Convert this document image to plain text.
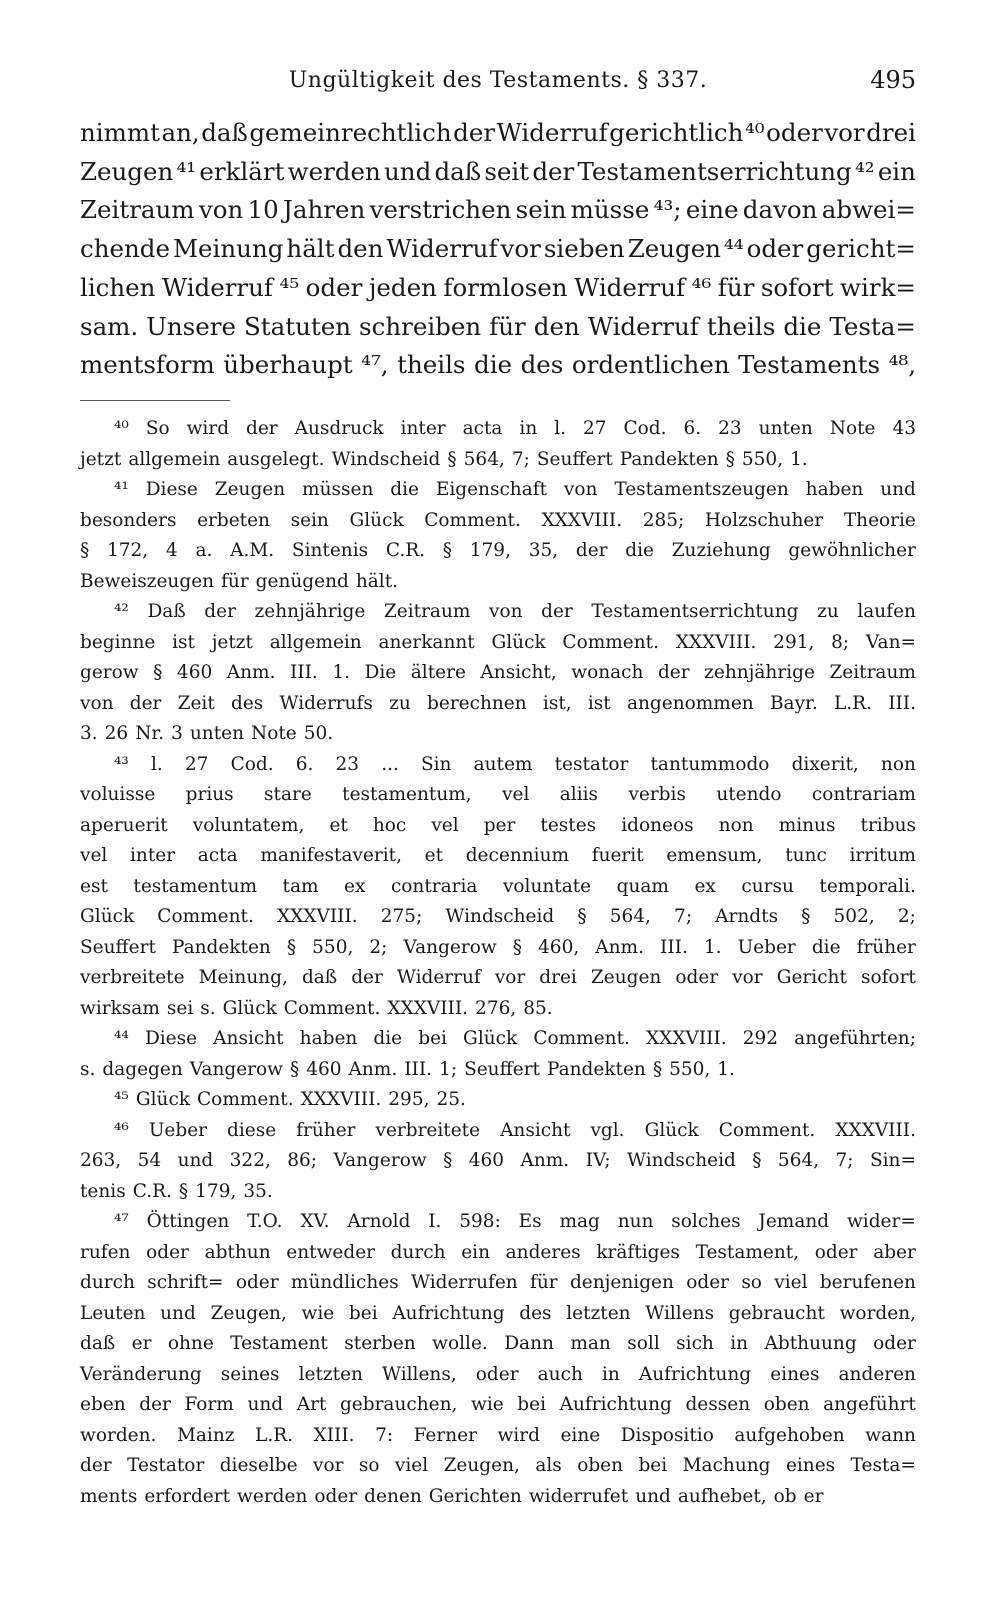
Ungültigkeit des Testaments. § 337.	495
nimmt an, daß gemeinrechtlich der Widerruf gerichtlich ⁴⁰ oder vor drei
Zeugen ⁴¹ erklärt werden und daß seit der Testamentserrichtung ⁴² ein
Zeitraum von 10 Jahren verstrichen sein müsse ⁴³; eine davon abwei=
chende Meinung hält den Widerruf vor sieben Zeugen ⁴⁴ oder gericht=
lichen Widerruf ⁴⁵ oder jeden formlosen Widerruf ⁴⁶ für sofort wirk=
sam. Unsere Statuten schreiben für den Widerruf theils die Testa=
mentsform überhaupt ⁴⁷, theils die des ordentlichen Testaments ⁴⁸,
⁴⁰ So wird der Ausdruck inter acta in l. 27 Cod. 6. 23 unten Note 43
jetzt allgemein ausgelegt. Windscheid § 564, 7; Seuffert Pandekten § 550, 1.
⁴¹ Diese Zeugen müssen die Eigenschaft von Testamentszeugen haben und
besonders erbeten sein Glück Comment. XXXVIII. 285; Holzschuher Theorie
§ 172, 4 a. A.M. Sintenis C.R. § 179, 35, der die Zuziehung gewöhnlicher
Beweiszeugen für genügend hält.
⁴² Daß der zehnjährige Zeitraum von der Testamentserrichtung zu laufen
beginne ist jetzt allgemein anerkannt Glück Comment. XXXVIII. 291, 8; Van=
gerow § 460 Anm. III. 1. Die ältere Ansicht, wonach der zehnjährige Zeitraum
von der Zeit des Widerrufs zu berechnen ist, ist angenommen Bayr. L.R. III.
3. 26 Nr. 3 unten Note 50.
⁴³ l. 27 Cod. 6. 23 ... Sin autem testator tantummodo dixerit, non
voluisse prius stare testamentum, vel aliis verbis utendo contrariam
aperuerit voluntatem, et hoc vel per testes idoneos non minus tribus
vel inter acta manifestaverit, et decennium fuerit emensum, tunc irritum
est testamentum tam ex contraria voluntate quam ex cursu temporali.
Glück Comment. XXXVIII. 275; Windscheid § 564, 7; Arndts § 502, 2;
Seuffert Pandekten § 550, 2; Vangerow § 460, Anm. III. 1. Ueber die früher
verbreitete Meinung, daß der Widerruf vor drei Zeugen oder vor Gericht sofort
wirksam sei s. Glück Comment. XXXVIII. 276, 85.
⁴⁴ Diese Ansicht haben die bei Glück Comment. XXXVIII. 292 angeführten;
s. dagegen Vangerow § 460 Anm. III. 1; Seuffert Pandekten § 550, 1.
⁴⁵ Glück Comment. XXXVIII. 295, 25.
⁴⁶ Ueber diese früher verbreitete Ansicht vgl. Glück Comment. XXXVIII.
263, 54 und 322, 86; Vangerow § 460 Anm. IV; Windscheid § 564, 7; Sin=
tenis C.R. § 179, 35.
⁴⁷ Öttingen T.O. XV. Arnold I. 598: Es mag nun solches Jemand wider=
rufen oder abthun entweder durch ein anderes kräftiges Testament, oder aber
durch schrift= oder mündliches Widerrufen für denjenigen oder so viel berufenen
Leuten und Zeugen, wie bei Aufrichtung des letzten Willens gebraucht worden,
daß er ohne Testament sterben wolle. Dann man soll sich in Abthuung oder
Veränderung seines letzten Willens, oder auch in Aufrichtung eines anderen
eben der Form und Art gebrauchen, wie bei Aufrichtung dessen oben angeführt
worden. Mainz L.R. XIII. 7: Ferner wird eine Dispositio aufgehoben wann
der Testator dieselbe vor so viel Zeugen, als oben bei Machung eines Testa=
ments erfordert werden oder denen Gerichten widerrufet und aufhebet, ob er
